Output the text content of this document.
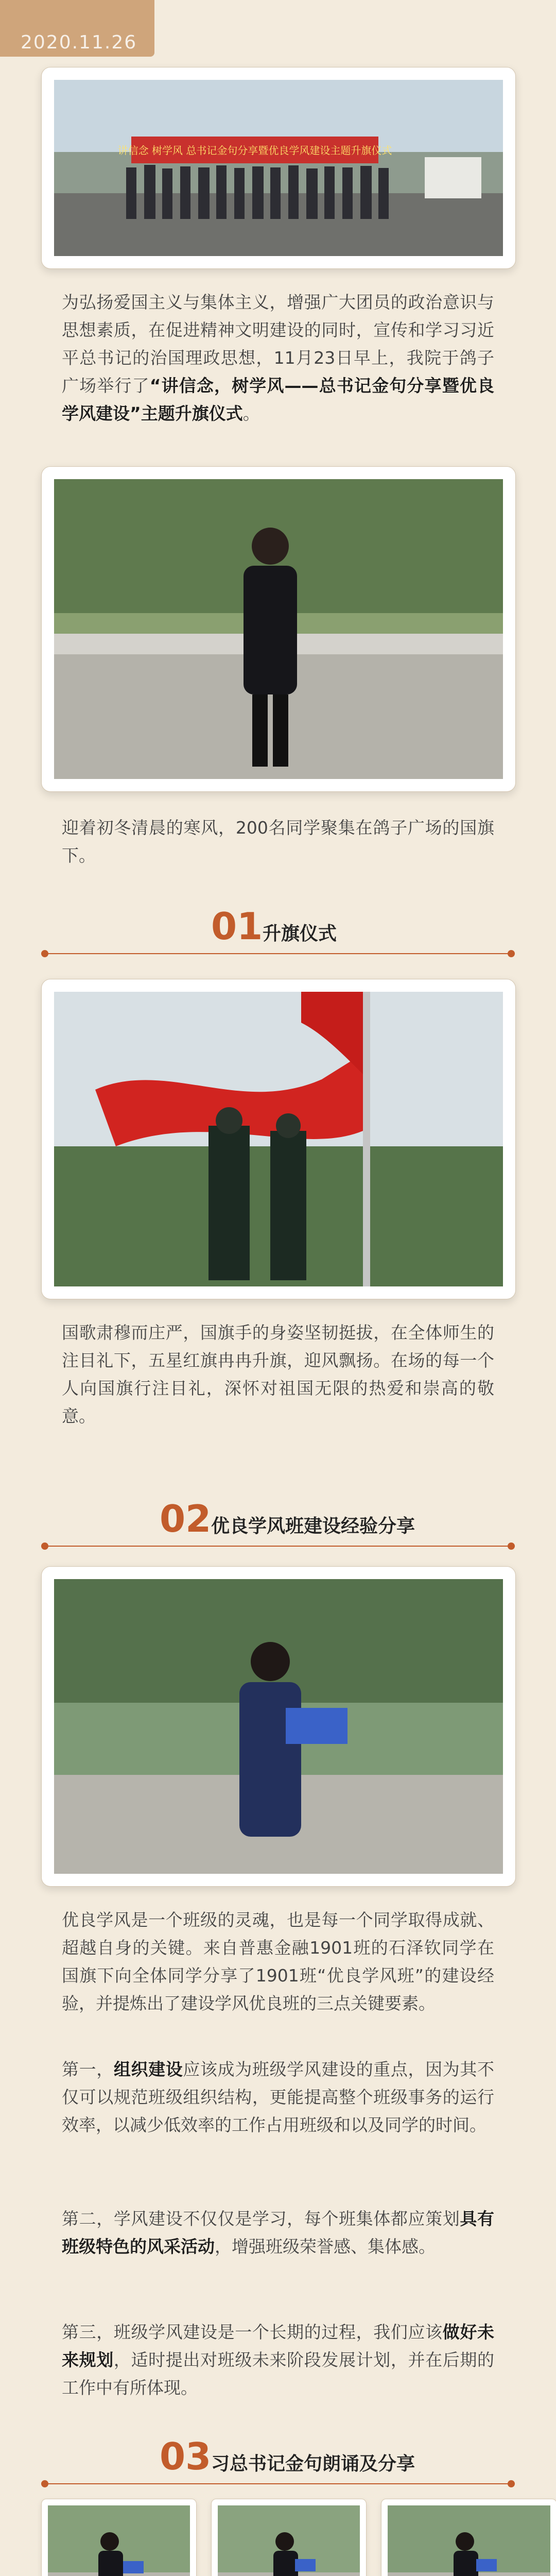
2020.11.26
讲信念 树学风 总书记金句分享暨优良学风建设主题升旗仪式
为弘扬爱国主义与集体主义，增强广大团员的政治意识与思想素质，在促进精神文明建设的同时，宣传和学习习近平总书记的治国理政思想，11月23日早上，我院于鸽子广场举行了“讲信念，树学风——总书记金句分享暨优良学风建设”主题升旗仪式。
迎着初冬清晨的寒风，200名同学聚集在鸽子广场的国旗下。
01 升旗仪式
国歌肃穆而庄严，国旗手的身姿坚韧挺拔，在全体师生的注目礼下，五星红旗冉冉升旗，迎风飘扬。在场的每一个人向国旗行注目礼，深怀对祖国无限的热爱和崇高的敬意。
02 优良学风班建设经验分享
优良学风是一个班级的灵魂，也是每一个同学取得成就、超越自身的关键。来自普惠金融1901班的石泽钦同学在国旗下向全体同学分享了1901班“优良学风班”的建设经验，并提炼出了建设学风优良班的三点关键要素。
第一，组织建设应该成为班级学风建设的重点，因为其不仅可以规范班级组织结构，更能提高整个班级事务的运行效率，以减少低效率的工作占用班级和以及同学的时间。
第二，学风建设不仅仅是学习，每个班集体都应策划具有班级特色的风采活动，增强班级荣誉感、集体感。
第三，班级学风建设是一个长期的过程，我们应该做好未来规划，适时提出对班级未来阶段发展计划，并在后期的工作中有所体现。
03 习总书记金句朗诵及分享
